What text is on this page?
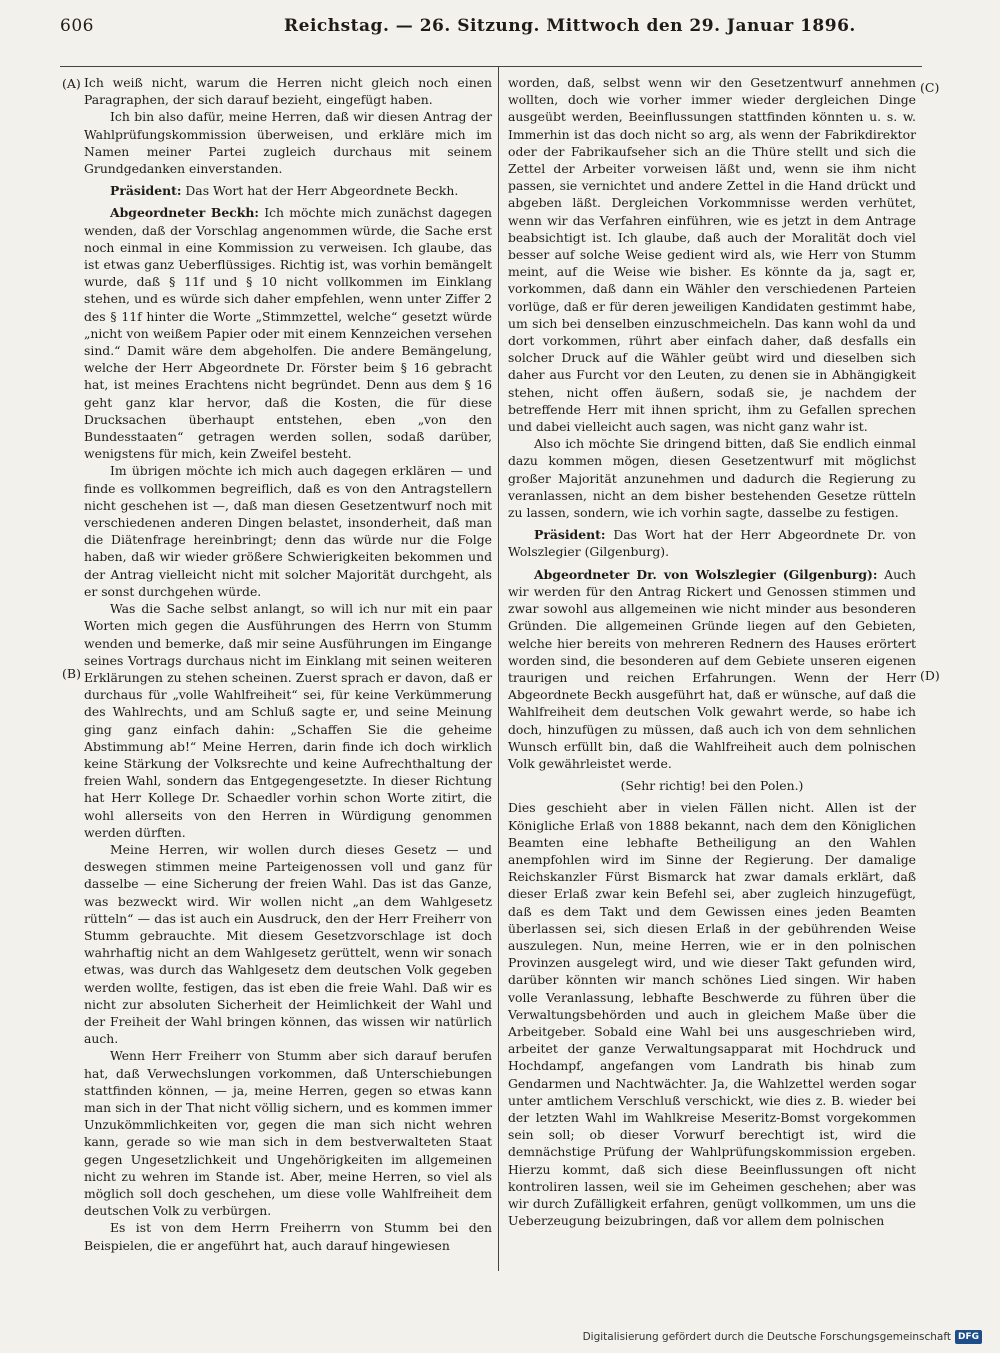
606	Reichstag. — 26. Sitzung. Mittwoch den 29. Januar 1896.
(A)
(B)
(C)
(D)

Ich weiß nicht, warum die Herren nicht gleich noch einen Paragraphen, der sich darauf bezieht, eingefügt haben.

Ich bin also dafür, meine Herren, daß wir diesen Antrag der Wahlprüfungskommission überweisen, und erkläre mich im Namen meiner Partei zugleich durchaus mit seinem Grundgedanken einverstanden.

Präsident: Das Wort hat der Herr Abgeordnete Beckh.

Abgeordneter Beckh: Ich möchte mich zunächst dagegen wenden, daß der Vorschlag angenommen würde, die Sache erst noch einmal in eine Kommission zu verweisen. Ich glaube, das ist etwas ganz Ueberflüssiges. Richtig ist, was vorhin bemängelt wurde, daß § 11f und § 10 nicht vollkommen im Einklang stehen, und es würde sich daher empfehlen, wenn unter Ziffer 2 des § 11f hinter die Worte „Stimmzettel, welche“ gesetzt würde „nicht von weißem Papier oder mit einem Kennzeichen versehen sind.“ Damit wäre dem abgeholfen. Die andere Bemängelung, welche der Herr Abgeordnete Dr. Förster beim § 16 gebracht hat, ist meines Erachtens nicht begründet. Denn aus dem § 16 geht ganz klar hervor, daß die Kosten, die für diese Drucksachen überhaupt entstehen, eben „von den Bundesstaaten“ getragen werden sollen, sodaß darüber, wenigstens für mich, kein Zweifel besteht.

Im übrigen möchte ich mich auch dagegen erklären — und finde es vollkommen begreiflich, daß es von den Antragstellern nicht geschehen ist —, daß man diesen Gesetzentwurf noch mit verschiedenen anderen Dingen belastet, insonderheit, daß man die Diätenfrage hereinbringt; denn das würde nur die Folge haben, daß wir wieder größere Schwierigkeiten bekommen und der Antrag vielleicht nicht mit solcher Majorität durchgeht, als er sonst durchgehen würde.

Was die Sache selbst anlangt, so will ich nur mit ein paar Worten mich gegen die Ausführungen des Herrn von Stumm wenden und bemerke, daß mir seine Ausführungen im Eingange seines Vortrags durchaus nicht im Einklang mit seinen weiteren Erklärungen zu stehen scheinen. Zuerst sprach er davon, daß er durchaus für „volle Wahlfreiheit“ sei, für keine Verkümmerung des Wahlrechts, und am Schluß sagte er, und seine Meinung ging ganz einfach dahin: „Schaffen Sie die geheime Abstimmung ab!“ Meine Herren, darin finde ich doch wirklich keine Stärkung der Volksrechte und keine Aufrechthaltung der freien Wahl, sondern das Entgegengesetzte. In dieser Richtung hat Herr Kollege Dr. Schaedler vorhin schon Worte zitirt, die wohl allerseits von den Herren in Würdigung genommen werden dürften.

Meine Herren, wir wollen durch dieses Gesetz — und deswegen stimmen meine Parteigenossen voll und ganz für dasselbe — eine Sicherung der freien Wahl. Das ist das Ganze, was bezweckt wird. Wir wollen nicht „an dem Wahlgesetz rütteln“ — das ist auch ein Ausdruck, den der Herr Freiherr von Stumm gebrauchte. Mit diesem Gesetzvorschlage ist doch wahrhaftig nicht an dem Wahlgesetz gerüttelt, wenn wir sonach etwas, was durch das Wahlgesetz dem deutschen Volk gegeben werden wollte, festigen, das ist eben die freie Wahl. Daß wir es nicht zur absoluten Sicherheit der Heimlichkeit der Wahl und der Freiheit der Wahl bringen können, das wissen wir natürlich auch.

Wenn Herr Freiherr von Stumm aber sich darauf berufen hat, daß Verwechslungen vorkommen, daß Unterschiebungen stattfinden können, — ja, meine Herren, gegen so etwas kann man sich in der That nicht völlig sichern, und es kommen immer Unzukömmlichkeiten vor, gegen die man sich nicht wehren kann, gerade so wie man sich in dem bestverwalteten Staat gegen Ungesetzlichkeit und Ungehörigkeiten im allgemeinen nicht zu wehren im Stande ist. Aber, meine Herren, so viel als möglich soll doch geschehen, um diese volle Wahlfreiheit dem deutschen Volk zu verbürgen.

Es ist von dem Herrn Freiherrn von Stumm bei den Beispielen, die er angeführt hat, auch darauf hingewiesen

worden, daß, selbst wenn wir den Gesetzentwurf annehmen wollten, doch wie vorher immer wieder dergleichen Dinge ausgeübt werden, Beeinflussungen stattfinden könnten u. s. w. Immerhin ist das doch nicht so arg, als wenn der Fabrikdirektor oder der Fabrikaufseher sich an die Thüre stellt und sich die Zettel der Arbeiter vorweisen läßt und, wenn sie ihm nicht passen, sie vernichtet und andere Zettel in die Hand drückt und abgeben läßt. Dergleichen Vorkommnisse werden verhütet, wenn wir das Verfahren einführen, wie es jetzt in dem Antrage beabsichtigt ist. Ich glaube, daß auch der Moralität doch viel besser auf solche Weise gedient wird als, wie Herr von Stumm meint, auf die Weise wie bisher. Es könnte da ja, sagt er, vorkommen, daß dann ein Wähler den verschiedenen Parteien vorlüge, daß er für deren jeweiligen Kandidaten gestimmt habe, um sich bei denselben einzuschmeicheln. Das kann wohl da und dort vorkommen, rührt aber einfach daher, daß desfalls ein solcher Druck auf die Wähler geübt wird und dieselben sich daher aus Furcht vor den Leuten, zu denen sie in Abhängigkeit stehen, nicht offen äußern, sodaß sie, je nachdem der betreffende Herr mit ihnen spricht, ihm zu Gefallen sprechen und dabei vielleicht auch sagen, was nicht ganz wahr ist.

Also ich möchte Sie dringend bitten, daß Sie endlich einmal dazu kommen mögen, diesen Gesetzentwurf mit möglichst großer Majorität anzunehmen und dadurch die Regierung zu veranlassen, nicht an dem bisher bestehenden Gesetze rütteln zu lassen, sondern, wie ich vorhin sagte, dasselbe zu festigen.

Präsident: Das Wort hat der Herr Abgeordnete Dr. von Wolszlegier (Gilgenburg).

Abgeordneter Dr. von Wolszlegier (Gilgenburg): Auch wir werden für den Antrag Rickert und Genossen stimmen und zwar sowohl aus allgemeinen wie nicht minder aus besonderen Gründen. Die allgemeinen Gründe liegen auf den Gebieten, welche hier bereits von mehreren Rednern des Hauses erörtert worden sind, die besonderen auf dem Gebiete unseren eigenen traurigen und reichen Erfahrungen. Wenn der Herr Abgeordnete Beckh ausgeführt hat, daß er wünsche, auf daß die Wahlfreiheit dem deutschen Volk gewahrt werde, so habe ich doch, hinzufügen zu müssen, daß auch ich von dem sehnlichen Wunsch erfüllt bin, daß die Wahlfreiheit auch dem polnischen Volk gewährleistet werde.

(Sehr richtig! bei den Polen.)

Dies geschieht aber in vielen Fällen nicht. Allen ist der Königliche Erlaß von 1888 bekannt, nach dem den Königlichen Beamten eine lebhafte Betheiligung an den Wahlen anempfohlen wird im Sinne der Regierung. Der damalige Reichskanzler Fürst Bismarck hat zwar damals erklärt, daß dieser Erlaß zwar kein Befehl sei, aber zugleich hinzugefügt, daß es dem Takt und dem Gewissen eines jeden Beamten überlassen sei, sich diesen Erlaß in der gebührenden Weise auszulegen. Nun, meine Herren, wie er in den polnischen Provinzen ausgelegt wird, und wie dieser Takt gefunden wird, darüber könnten wir manch schönes Lied singen. Wir haben volle Veranlassung, lebhafte Beschwerde zu führen über die Verwaltungsbehörden und auch in gleichem Maße über die Arbeitgeber. Sobald eine Wahl bei uns ausgeschrieben wird, arbeitet der ganze Verwaltungsapparat mit Hochdruck und Hochdampf, angefangen vom Landrath bis hinab zum Gendarmen und Nachtwächter. Ja, die Wahlzettel werden sogar unter amtlichem Verschluß verschickt, wie dies z. B. wieder bei der letzten Wahl im Wahlkreise Meseritz-Bomst vorgekommen sein soll; ob dieser Vorwurf berechtigt ist, wird die demnächstige Prüfung der Wahlprüfungskommission ergeben. Hierzu kommt, daß sich diese Beeinflussungen oft nicht kontroliren lassen, weil sie im Geheimen geschehen; aber was wir durch Zufälligkeit erfahren, genügt vollkommen, um uns die Ueberzeugung beizubringen, daß vor allem dem polnischen

Digitalisierung gefördert durch die Deutsche Forschungsgemeinschaft DFG
